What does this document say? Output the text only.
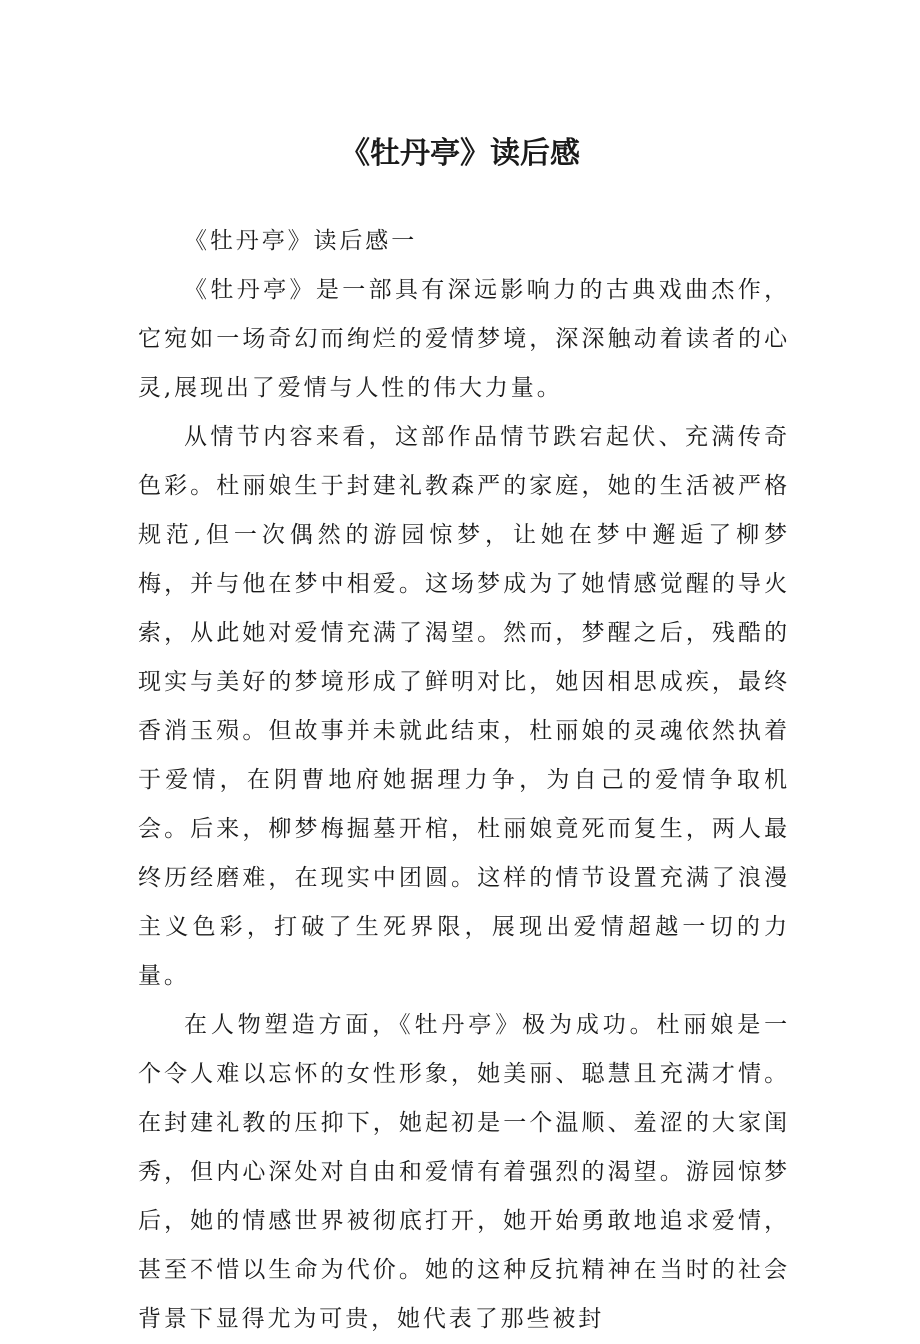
《牡丹亭》读后感

《牡丹亭》读后感一

《牡丹亭》是一部具有深远影响力的古典戏曲杰作，它宛如一场奇幻而绚烂的爱情梦境，深深触动着读者的心灵,展现出了爱情与人性的伟大力量。

从情节内容来看，这部作品情节跌宕起伏、充满传奇色彩。杜丽娘生于封建礼教森严的家庭，她的生活被严格规范,但一次偶然的游园惊梦，让她在梦中邂逅了柳梦梅，并与他在梦中相爱。这场梦成为了她情感觉醒的导火索，从此她对爱情充满了渴望。然而，梦醒之后，残酷的现实与美好的梦境形成了鲜明对比，她因相思成疾，最终香消玉殒。但故事并未就此结束，杜丽娘的灵魂依然执着于爱情，在阴曹地府她据理力争，为自己的爱情争取机会。后来，柳梦梅掘墓开棺，杜丽娘竟死而复生，两人最终历经磨难，在现实中团圆。这样的情节设置充满了浪漫主义色彩，打破了生死界限，展现出爱情超越一切的力量。

在人物塑造方面，《牡丹亭》极为成功。杜丽娘是一个令人难以忘怀的女性形象，她美丽、聪慧且充满才情。在封建礼教的压抑下，她起初是一个温顺、羞涩的大家闺秀，但内心深处对自由和爱情有着强烈的渴望。游园惊梦后，她的情感世界被彻底打开，她开始勇敢地追求爱情，甚至不惜以生命为代价。她的这种反抗精神在当时的社会背景下显得尤为可贵，她代表了那些被封
